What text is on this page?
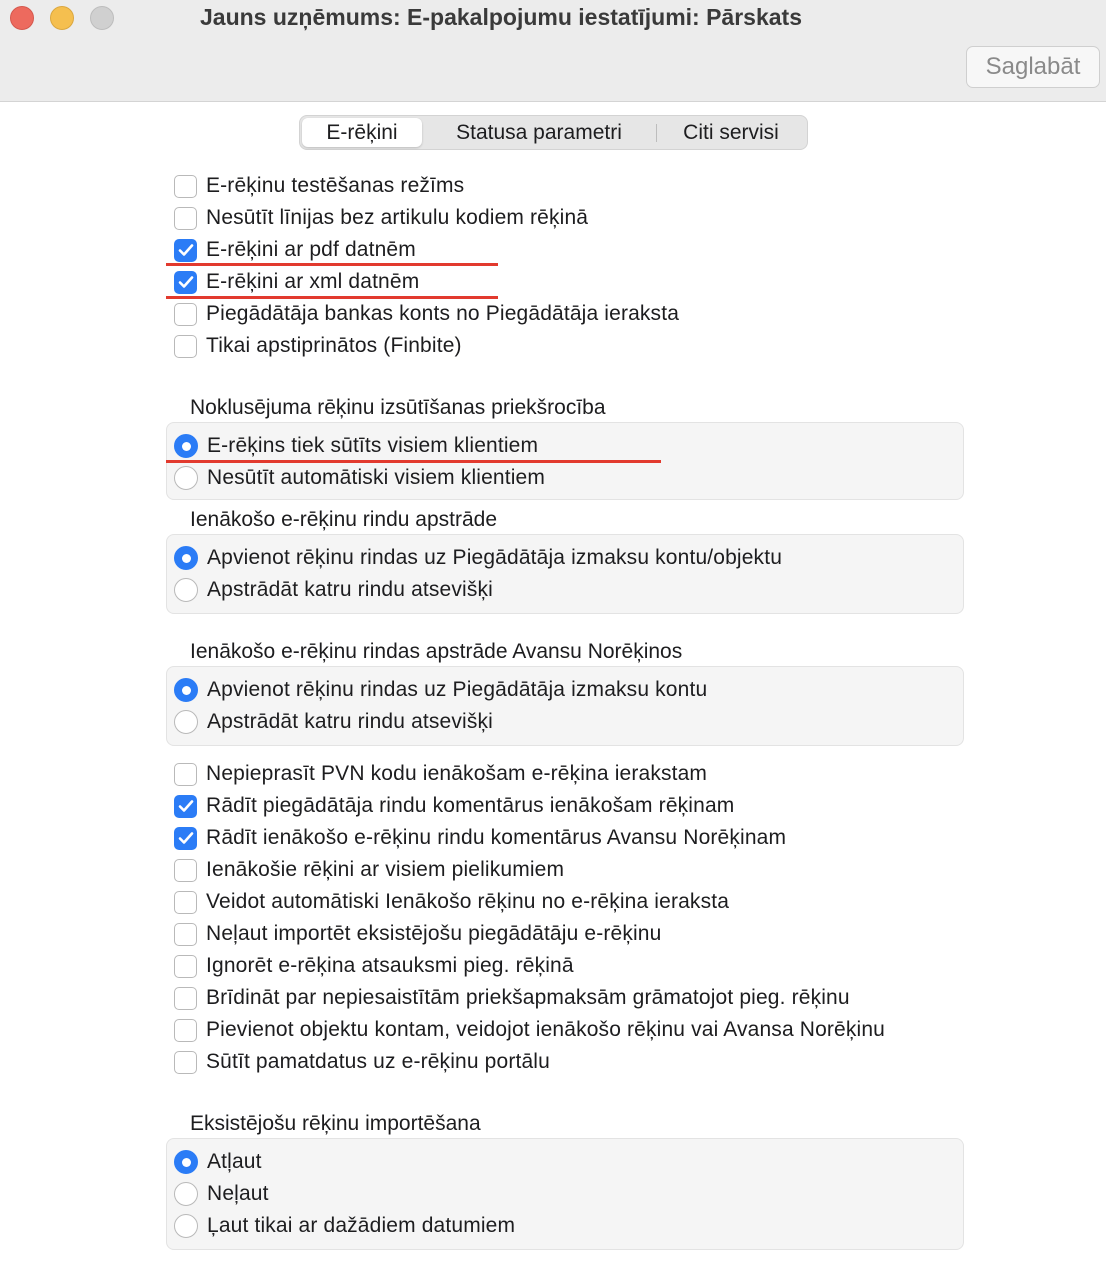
Jauns uzņēmums: E-pakalpojumu iestatījumi: Pārskats
Saglabāt
E-rēķini	Statusa parametri	Citi servisi
E-rēķinu testēšanas režīms
Nesūtīt līnijas bez artikulu kodiem rēķinā
E-rēķini ar pdf datnēm
E-rēķini ar xml datnēm
Piegādātāja bankas konts no Piegādātāja ieraksta
Tikai apstiprinātos (Finbite)
Noklusējuma rēķinu izsūtīšanas priekšrocība
E-rēķins tiek sūtīts visiem klientiem
Nesūtīt automātiski visiem klientiem
Ienākošo e-rēķinu rindu apstrāde
Apvienot rēķinu rindas uz Piegādātāja izmaksu kontu/objektu
Apstrādāt katru rindu atsevišķi
Ienākošo e-rēķinu rindas apstrāde Avansu Norēķinos
Apvienot rēķinu rindas uz Piegādātāja izmaksu kontu
Apstrādāt katru rindu atsevišķi
Nepieprasīt PVN kodu ienākošam e-rēķina ierakstam
Rādīt piegādātāja rindu komentārus ienākošam rēķinam
Rādīt ienākošo e-rēķinu rindu komentārus Avansu Norēķinam
Ienākošie rēķini ar visiem pielikumiem
Veidot automātiski Ienākošo rēķinu no e-rēķina ieraksta
Neļaut importēt eksistējošu piegādātāju e-rēķinu
Ignorēt e-rēķina atsauksmi pieg. rēķinā
Brīdināt par nepiesaistītām priekšapmaksām grāmatojot pieg. rēķinu
Pievienot objektu kontam, veidojot ienākošo rēķinu vai Avansa Norēķinu
Sūtīt pamatdatus uz e-rēķinu portālu
Eksistējošu rēķinu importēšana
Atļaut
Neļaut
Ļaut tikai ar dažādiem datumiem
